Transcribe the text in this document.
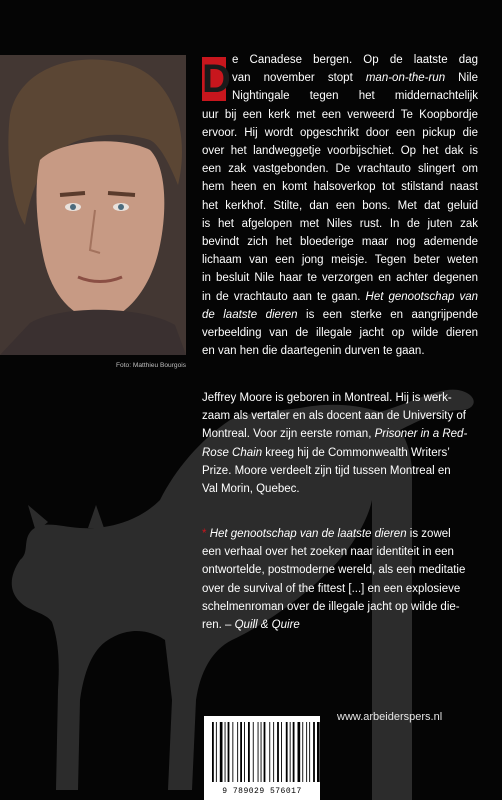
Foto: Matthieu Bourgois
D e Canadese bergen. Op de laatste dag
van november stopt man-on-the-run Nile
Nightingale tegen het middernachtelijk
uur bij een kerk met een verweerd Te Koopbordje
ervoor. Hij wordt opgeschrikt door een pickup die
over het landweggetje voorbijschiet. Op het dak is
een zak vastgebonden. De vrachtauto slingert om
hem heen en komt halsoverkop tot stilstand naast
het kerkhof. Stilte, dan een bons. Met dat geluid
is het afgelopen met Niles rust. In de juten zak
bevindt zich het bloederige maar nog ademende
lichaam van een jong meisje. Tegen beter weten
in besluit Nile haar te verzorgen en achter degenen
in de vrachtauto aan te gaan. Het genootschap van
de laatste dieren is een sterke en aangrijpende
verbeelding van de illegale jacht op wilde dieren
en van hen die daartegenin durven te gaan.
Jeffrey Moore is geboren in Montreal. Hij is werk-
zaam als vertaler en als docent aan de University of
Montreal. Voor zijn eerste roman, Prisoner in a Red-
Rose Chain kreeg hij de Commonwealth Writers’
Prize. Moore verdeelt zijn tijd tussen Montreal en
Val Morin, Quebec.
* Het genootschap van de laatste dieren is zowel
een verhaal over het zoeken naar identiteit in een
ontwortelde, postmoderne wereld, als een meditatie
over de survival of the fittest [...] en een explosieve
schelmenroman over de illegale jacht op wilde die-
ren. – Quill & Quire
www.arbeiderspers.nl
9 789029 576017
